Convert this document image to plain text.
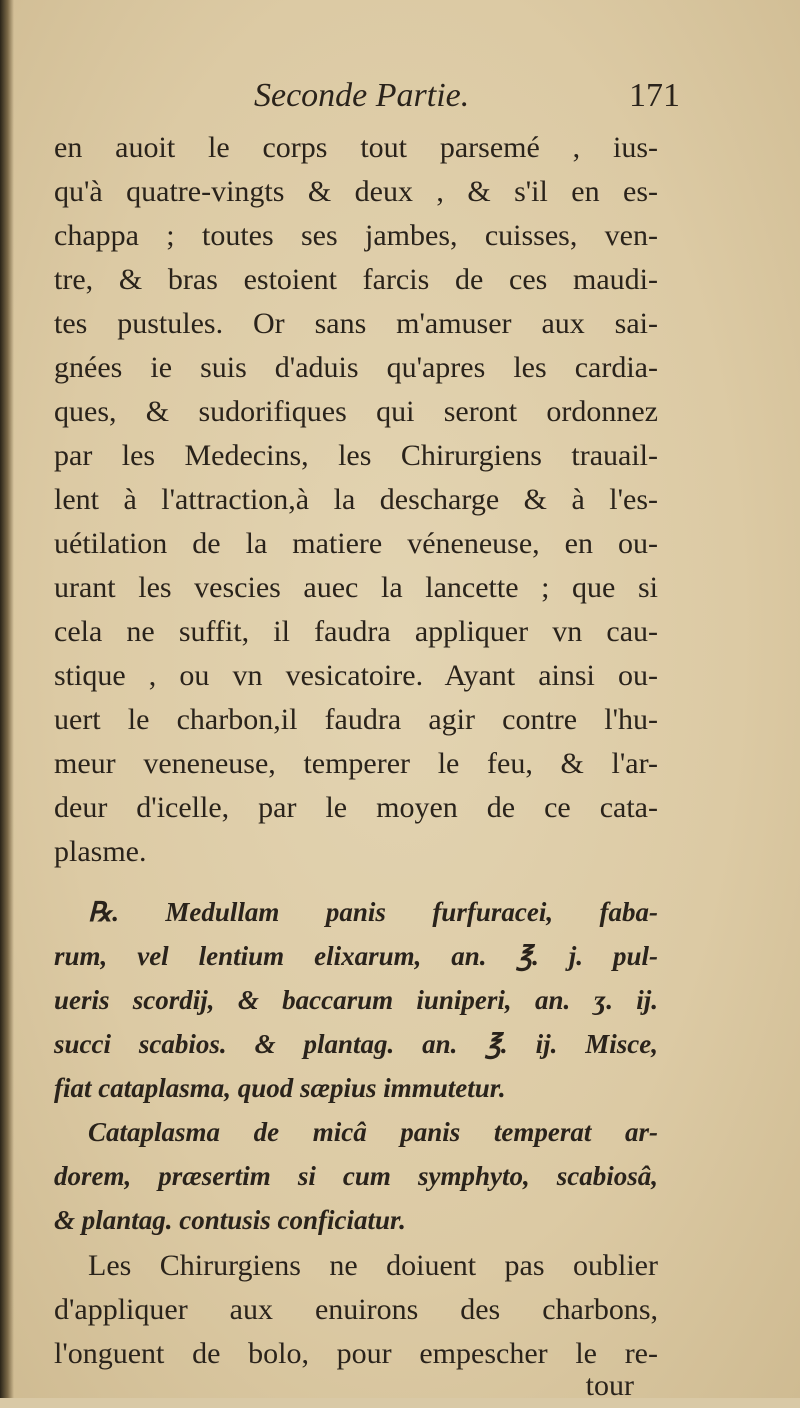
Seconde Partie.	171
en auoit le corps tout parsemé , ius-
qu'à quatre-vingts & deux , & s'il en es-
chappa ; toutes ses jambes, cuisses, ven-
tre, & bras estoient farcis de ces maudi-
tes pustules. Or sans m'amuser aux sai-
gnées ie suis d'aduis qu'apres les cardia-
ques, & sudorifiques qui seront ordonnez
par les Medecins, les Chirurgiens trauail-
lent à l'attraction,à la descharge & à l'es-
uétilation de la matiere véneneuse, en ou-
urant les vescies auec la lancette ; que si
cela ne suffit, il faudra appliquer vn cau-
stique , ou vn vesicatoire. Ayant ainsi ou-
uert le charbon,il faudra agir contre l'hu-
meur veneneuse, temperer le feu, & l'ar-
deur d'icelle, par le moyen de ce cata-
plasme.
℞. Medullam panis furfuracei, faba-
rum, vel lentium elixarum, an. ℥. j. pul-
ueris scordij, & baccarum iuniperi, an. ʒ. ij.
succi scabios. & plantag. an. ℥. ij. Misce,
fiat cataplasma, quod sæpius immutetur.
Cataplasma de micâ panis temperat ar-
dorem, præsertim si cum symphyto, scabiosâ,
& plantag. contusis conficiatur.
Les Chirurgiens ne doiuent pas oublier
d'appliquer aux enuirons des charbons,
l'onguent de bolo, pour empescher le re-
tour
